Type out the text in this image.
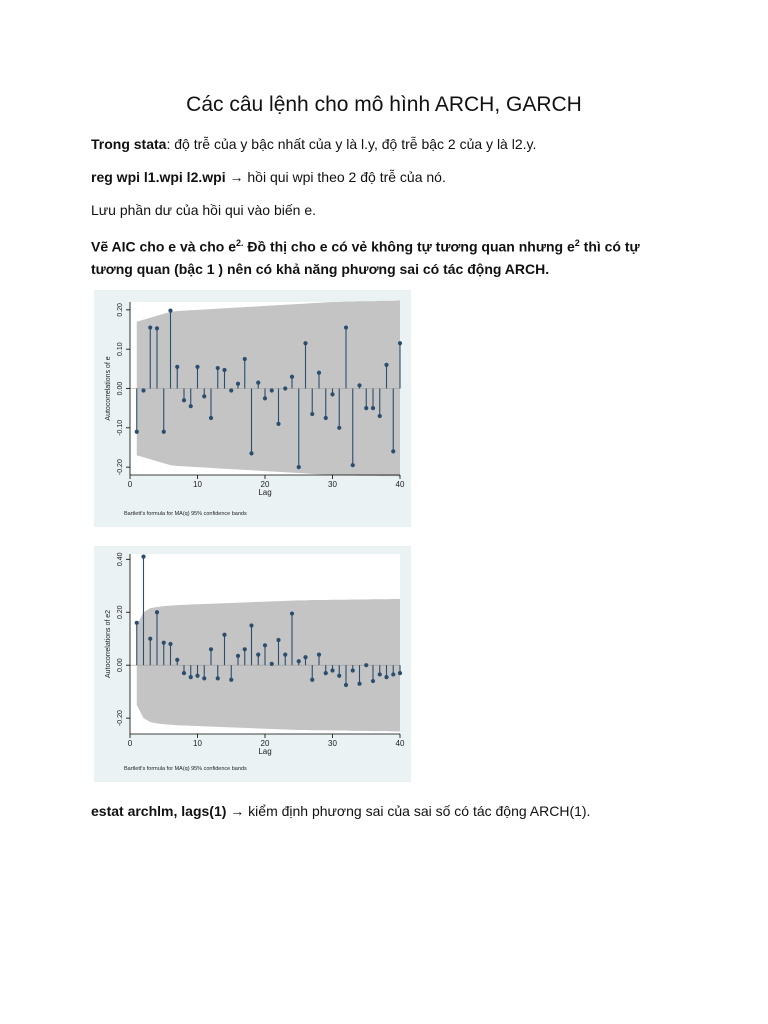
Các câu lệnh cho mô hình ARCH, GARCH
Trong stata: độ trễ của y bậc nhất của y là l.y, độ trễ bậc 2 của y là l2.y.
reg wpi l1.wpi l2.wpi → hồi qui wpi theo 2 độ trễ của nó.
Lưu phần dư của hồi qui vào biến e.
Vẽ AIC cho e và cho $e^{2.}$ Đồ thị cho e có vẻ không tự tương quan nhưng $e^2$ thì có tự tương quan (bậc 1 ) nên có khả năng phương sai có tác động ARCH.
-0.20
-0.10
0.00
0.10
0.20
0	10	20	30	40
Lag
Autocorrelations of e
Bartlett's formula for MA(q) 95% confidence bands
-0.20
0.00
0.20
0.40
0	10	20	30	40
Lag
Autocorrelations of e2
Bartlett's formula for MA(q) 95% confidence bands
estat archlm, lags(1) → kiểm định phương sai của sai số có tác động ARCH(1).
